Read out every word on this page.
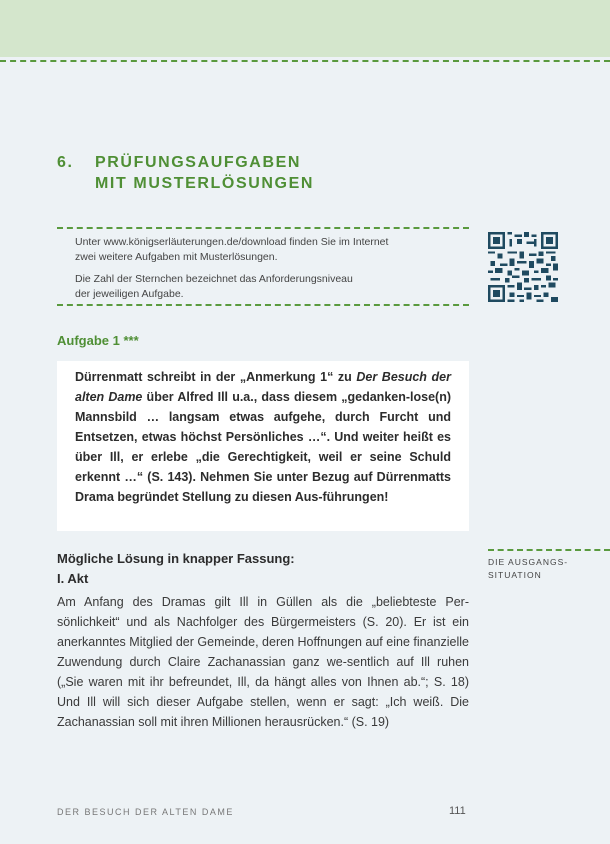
6. PRÜFUNGSAUFGABEN
MIT MUSTERLÖSUNGEN
Unter www.königserläuterungen.de/download finden Sie im Internet
zwei weitere Aufgaben mit Musterlösungen.
Die Zahl der Sternchen bezeichnet das Anforderungsniveau
der jeweiligen Aufgabe.
Aufgabe 1 ***

Dürrenmatt schreibt in der „Anmerkung 1“ zu Der Besuch der alten Dame über Alfred Ill u.a., dass diesem „gedanken-lose(n) Mannsbild … langsam etwas aufgehe, durch Furcht und Entsetzen, etwas höchst Persönliches …“. Und weiter heißt es über Ill, er erlebe „die Gerechtigkeit, weil er seine Schuld erkennt …“ (S. 143). Nehmen Sie unter Bezug auf Dürrenmatts Drama begründet Stellung zu diesen Aus-führungen!

Mögliche Lösung in knapper Fassung:
I. Akt

Am Anfang des Dramas gilt Ill in Güllen als die „beliebteste Per-sönlichkeit“ und als Nachfolger des Bürgermeisters (S. 20). Er ist ein anerkanntes Mitglied der Gemeinde, deren Hoffnungen auf eine finanzielle Zuwendung durch Claire Zachanassian ganz we-sentlich auf Ill ruhen („Sie waren mit ihr befreundet, Ill, da hängt alles von Ihnen ab.“; S. 18) Und Ill will sich dieser Aufgabe stellen, wenn er sagt: „Ich weiß. Die Zachanassian soll mit ihren Millionen herausrücken.“ (S. 19)

DIE AUSGANGS-
SITUATION
DER BESUCH DER ALTEN DAME	111
